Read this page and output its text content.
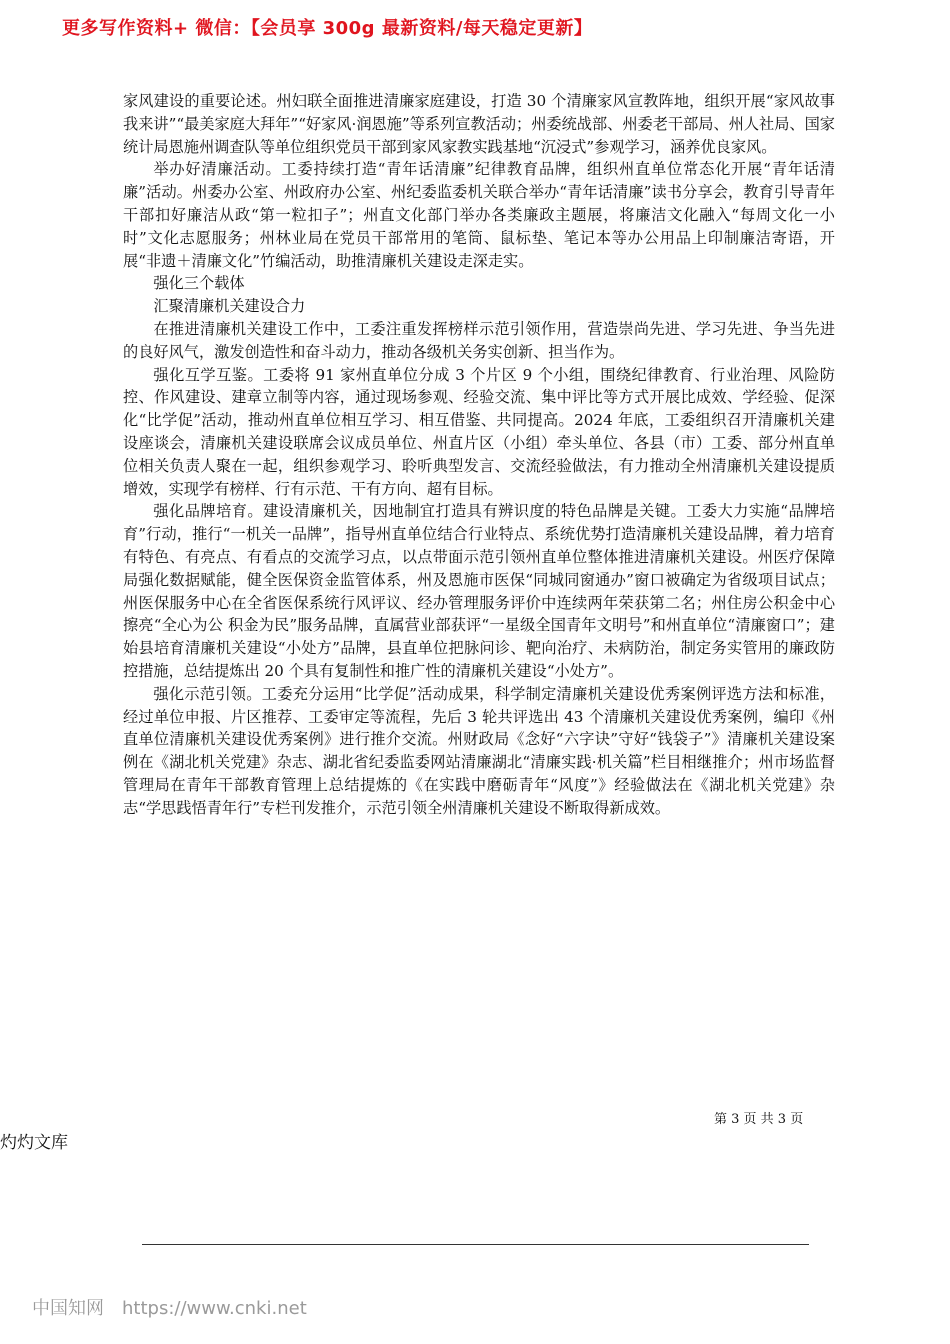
更多写作资料+ 微信：【会员享 300g 最新资料/每天稳定更新】

家风建设的重要论述。州妇联全面推进清廉家庭建设，打造 30 个清廉家风宣教阵地，组织开展“家风故事我来讲”“最美家庭大拜年”“好家风·润恩施”等系列宣教活动；州委统战部、州委老干部局、州人社局、国家统计局恩施州调查队等单位组织党员干部到家风家教实践基地“沉浸式”参观学习，涵养优良家风。

举办好清廉活动。工委持续打造“青年话清廉”纪律教育品牌，组织州直单位常态化开展“青年话清廉”活动。州委办公室、州政府办公室、州纪委监委机关联合举办“青年话清廉”读书分享会，教育引导青年干部扣好廉洁从政“第一粒扣子”；州直文化部门举办各类廉政主题展，将廉洁文化融入“每周文化一小时”文化志愿服务；州林业局在党员干部常用的笔筒、鼠标垫、笔记本等办公用品上印制廉洁寄语，开展“非遗＋清廉文化”竹编活动，助推清廉机关建设走深走实。

强化三个载体

汇聚清廉机关建设合力

在推进清廉机关建设工作中，工委注重发挥榜样示范引领作用，营造崇尚先进、学习先进、争当先进的良好风气，激发创造性和奋斗动力，推动各级机关务实创新、担当作为。

强化互学互鉴。工委将 91 家州直单位分成 3 个片区 9 个小组，围绕纪律教育、行业治理、风险防控、作风建设、建章立制等内容，通过现场参观、经验交流、集中评比等方式开展比成效、学经验、促深化“比学促”活动，推动州直单位相互学习、相互借鉴、共同提高。2024 年底，工委组织召开清廉机关建设座谈会，清廉机关建设联席会议成员单位、州直片区（小组）牵头单位、各县（市）工委、部分州直单位相关负责人聚在一起，组织参观学习、聆听典型发言、交流经验做法，有力推动全州清廉机关建设提质增效，实现学有榜样、行有示范、干有方向、超有目标。

强化品牌培育。建设清廉机关，因地制宜打造具有辨识度的特色品牌是关键。工委大力实施“品牌培育”行动，推行“一机关一品牌”，指导州直单位结合行业特点、系统优势打造清廉机关建设品牌，着力培育有特色、有亮点、有看点的交流学习点，以点带面示范引领州直单位整体推进清廉机关建设。州医疗保障局强化数据赋能，健全医保资金监管体系，州及恩施市医保“同城同窗通办”窗口被确定为省级项目试点；州医保服务中心在全省医保系统行风评议、经办管理服务评价中连续两年荣获第二名；州住房公积金中心擦亮“全心为公 积金为民”服务品牌，直属营业部获评“一星级全国青年文明号”和州直单位“清廉窗口”；建始县培育清廉机关建设“小处方”品牌，县直单位把脉问诊、靶向治疗、未病防治，制定务实管用的廉政防控措施，总结提炼出 20 个具有复制性和推广性的清廉机关建设“小处方”。

强化示范引领。工委充分运用“比学促”活动成果，科学制定清廉机关建设优秀案例评选方法和标准，经过单位申报、片区推荐、工委审定等流程，先后 3 轮共评选出 43 个清廉机关建设优秀案例，编印《州直单位清廉机关建设优秀案例》进行推介交流。州财政局《念好“六字诀”守好“钱袋子”》清廉机关建设案例在《湖北机关党建》杂志、湖北省纪委监委网站清廉湖北“清廉实践·机关篇”栏目相继推介；州市场监督管理局在青年干部教育管理上总结提炼的《在实践中磨砺青年“风度”》经验做法在《湖北机关党建》杂志“学思践悟青年行”专栏刊发推介，示范引领全州清廉机关建设不断取得新成效。

第 3 页 共 3 页
灼灼文库
中国知网 https://www.cnki.net
